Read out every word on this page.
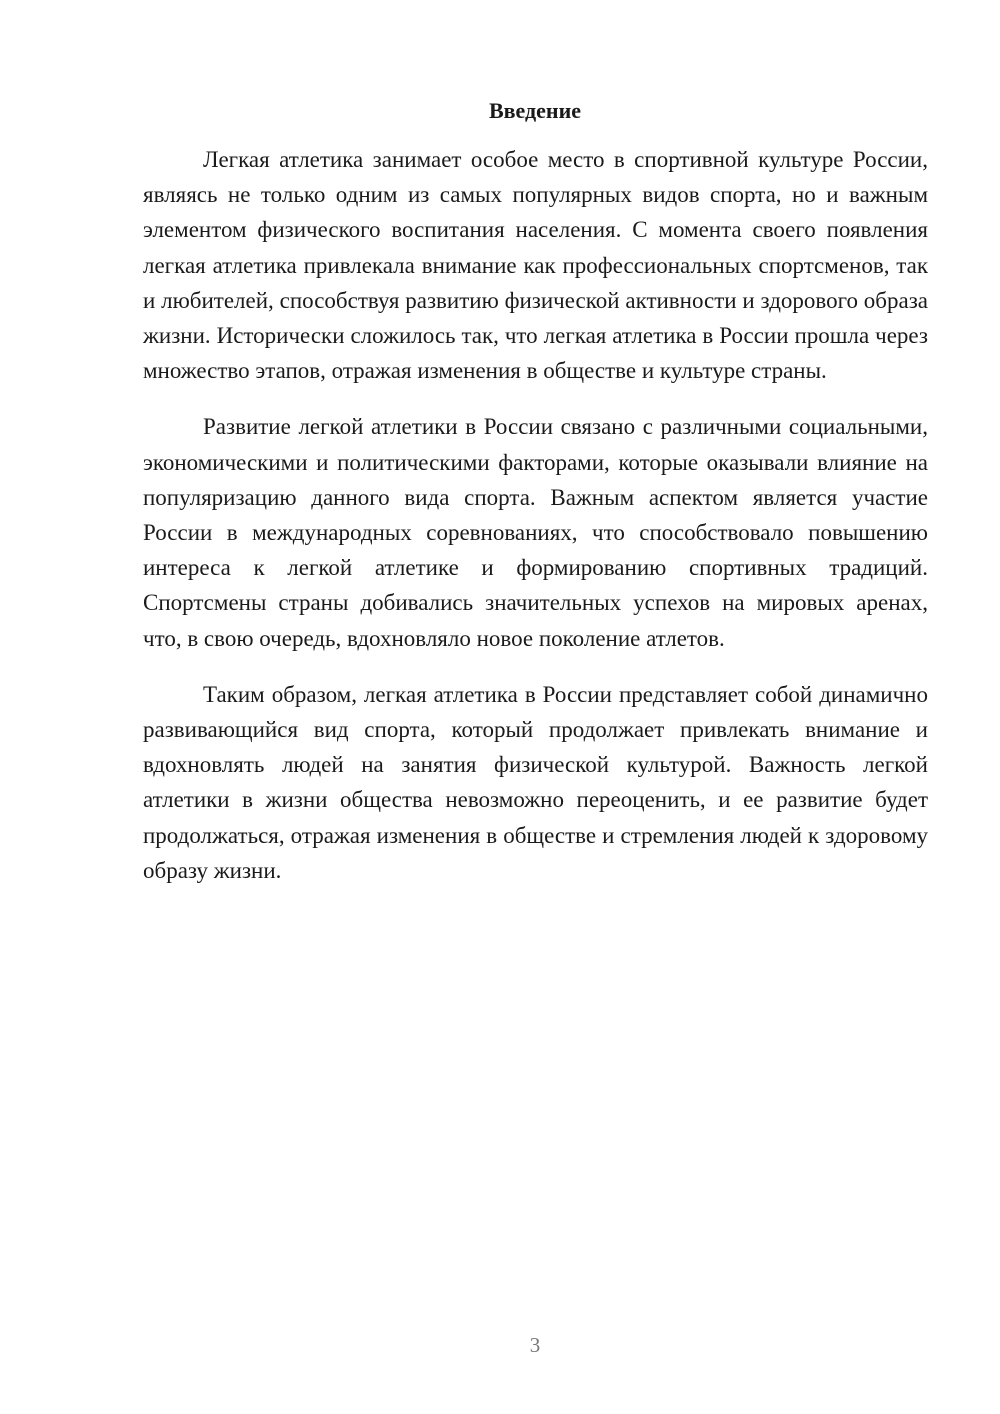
Введение

Легкая атлетика занимает особое место в спортивной культуре России, являясь не только одним из самых популярных видов спорта, но и важным элементом физического воспитания населения. С момента своего появления легкая атлетика привлекала внимание как профессиональных спортсменов, так и любителей, способствуя развитию физической активности и здорового образа жизни. Исторически сложилось так, что легкая атлетика в России прошла через множество этапов, отражая изменения в обществе и культуре страны.

Развитие легкой атлетики в России связано с различными социальными, экономическими и политическими факторами, которые оказывали влияние на популяризацию данного вида спорта. Важным аспектом является участие России в международных соревнованиях, что способствовало повышению интереса к легкой атлетике и формированию спортивных традиций. Спортсмены страны добивались значительных успехов на мировых аренах, что, в свою очередь, вдохновляло новое поколение атлетов.

Таким образом, легкая атлетика в России представляет собой динамично развивающийся вид спорта, который продолжает привлекать внимание и вдохновлять людей на занятия физической культурой. Важность легкой атлетики в жизни общества невозможно переоценить, и ее развитие будет продолжаться, отражая изменения в обществе и стремления людей к здоровому образу жизни.

3
